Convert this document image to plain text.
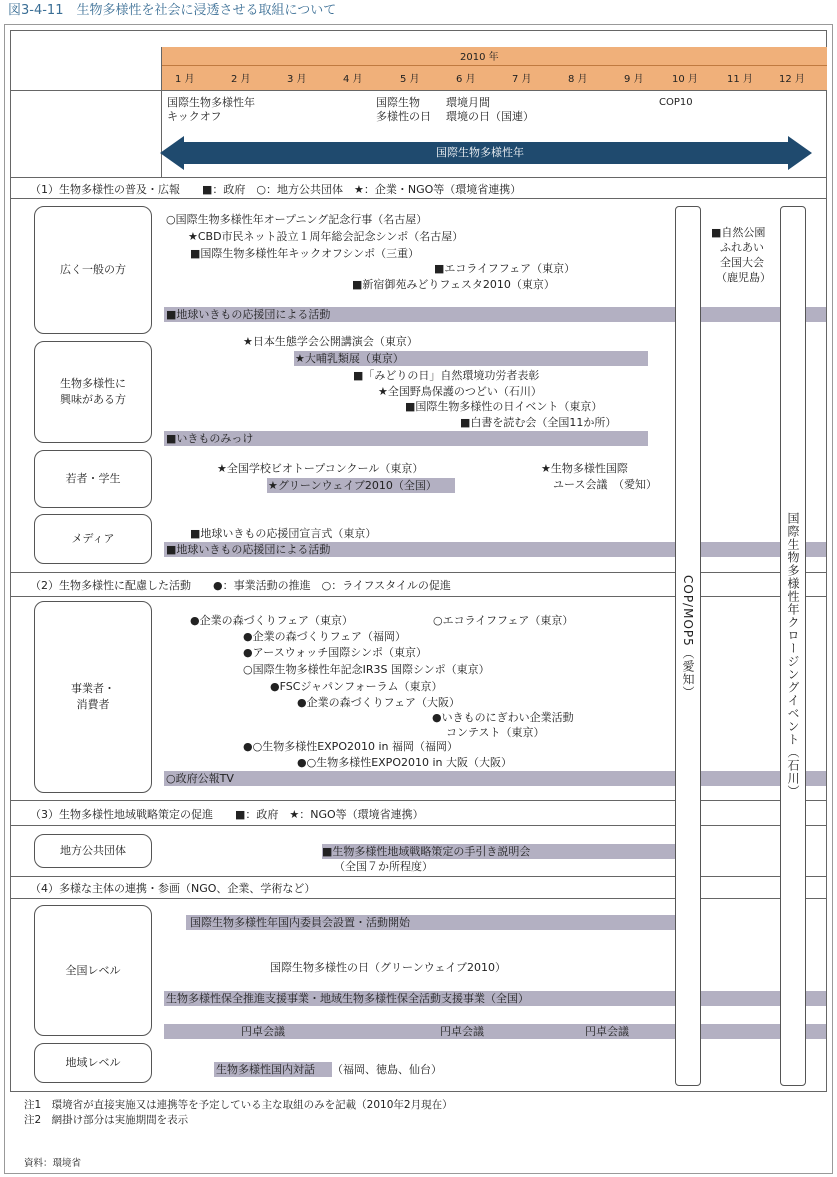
図3-4-11　生物多様性を社会に浸透させる取組について
2010 年
1 月	2 月	3 月	4 月	5 月	6 月	7 月	8 月	9 月	10 月	11 月	12 月
国際生物多様性年
キックオフ
国際生物
多様性の日
環境月間
環境の日（国連）
COP10
国際生物多様性年
（1）生物多様性の普及・広報　　■：政府　○：地方公共団体　★：企業・NGO等（環境省連携）
広く一般の方
生物多様性に
興味がある方
若者・学生
メディア
○国際生物多様性年オープニング記念行事（名古屋）
★CBD市民ネット設立１周年総会記念シンポ（名古屋）
■国際生物多様性年キックオフシンポ（三重）
■エコライフフェア（東京）
■新宿御苑みどりフェスタ2010（東京）
■自然公園
ふれあい
全国大会
（鹿児島）
■地球いきもの応援団による活動
★日本生態学会公開講演会（東京）
★大哺乳類展（東京）
■「みどりの日」自然環境功労者表彰
★全国野鳥保護のつどい（石川）
■国際生物多様性の日イベント（東京）
■白書を読む会（全国11か所）
■いきものみっけ
★全国学校ビオトープコンクール（東京）
★グリーンウェイブ2010（全国）
★生物多様性国際
ユース会議　（愛知）
■地球いきもの応援団宣言式（東京）
■地球いきもの応援団による活動
（2）生物多様性に配慮した活動　　●：事業活動の推進　○：ライフスタイルの促進
事業者・
消費者
●企業の森づくりフェア（東京）	○エコライフフェア（東京）
●企業の森づくりフェア（福岡）
●アースウォッチ国際シンポ（東京）
○国際生物多様性年記念IR3S 国際シンポ（東京）
●FSCジャパンフォーラム（東京）
●企業の森づくりフェア（大阪）
●いきものにぎわい企業活動
コンテスト（東京）
●○生物多様性EXPO2010 in 福岡（福岡）
●○生物多様性EXPO2010 in 大阪（大阪）
○政府公報TV
（3）生物多様性地域戦略策定の促進　　■：政府　★：NGO等（環境省連携）
地方公共団体	■生物多様性地域戦略策定の手引き説明会
（全国７か所程度）
（4）多様な主体の連携・参画（NGO、企業、学術など）
全国レベル
地域レベル
国際生物多様性年国内委員会設置・活動開始
国際生物多様性の日（グリーンウェイブ2010）
生物多様性保全推進支援事業・地域生物多様性保全活動支援事業（全国）
円卓会議	円卓会議	円卓会議
生物多様性国内対話 （福岡、徳島、仙台）
COP/MOP5（愛知）	国際生物多様性年クロージングイベント（石川）
注1　環境省が直接実施又は連携等を予定している主な取組のみを記載（2010年2月現在）
注2　網掛け部分は実施期間を表示
資料：環境省
